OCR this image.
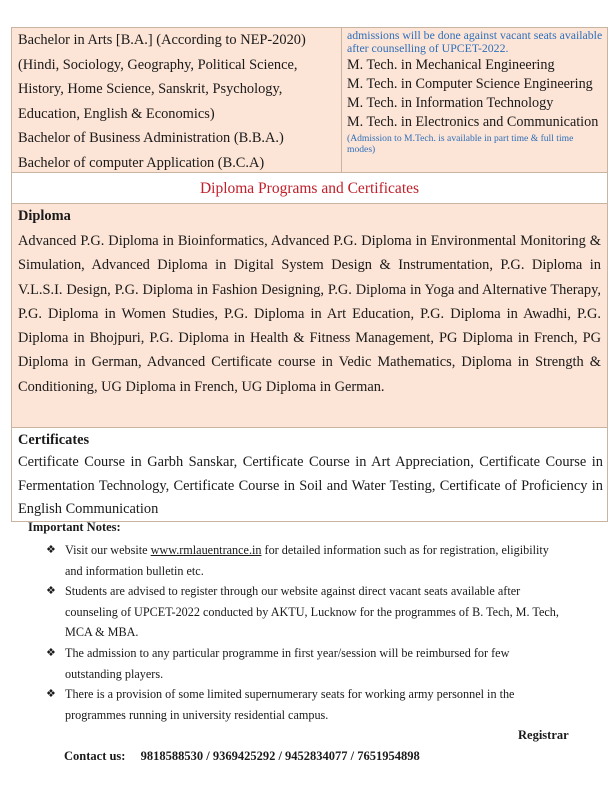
Bachelor in Arts [B.A.] (According to NEP-2020)
(Hindi, Sociology, Geography, Political Science,
History, Home Science, Sanskrit, Psychology,
Education, English & Economics)
Bachelor of Business Administration (B.B.A.)
Bachelor of computer Application (B.C.A)
admissions will be done against vacant seats available after counselling of UPCET-2022.
M. Tech. in Mechanical Engineering
M. Tech. in Computer Science Engineering
M. Tech. in Information Technology
M. Tech. in Electronics and Communication
(Admission to M.Tech. is available in part time & full time modes)
Diploma Programs and Certificates
Diploma
Advanced P.G. Diploma in Bioinformatics, Advanced P.G. Diploma in Environmental Monitoring & Simulation, Advanced Diploma in Digital System Design & Instrumentation, P.G. Diploma in V.L.S.I. Design, P.G. Diploma in Fashion Designing, P.G. Diploma in Yoga and Alternative Therapy, P.G. Diploma in Women Studies, P.G. Diploma in Art Education, P.G. Diploma in Awadhi, P.G. Diploma in Bhojpuri, P.G. Diploma in Health & Fitness Management, PG Diploma in French, PG Diploma in German, Advanced Certificate course in Vedic Mathematics, Diploma in Strength & Conditioning, UG Diploma in French, UG Diploma in German.
Certificates
Certificate Course in Garbh Sanskar, Certificate Course in Art Appreciation, Certificate Course in Fermentation Technology, Certificate Course in Soil and Water Testing, Certificate of Proficiency in English Communication
Important Notes:
❖ Visit our website www.rmlauentrance.in for detailed information such as for registration, eligibility and information bulletin etc.
❖ Students are advised to register through our website against direct vacant seats available after counseling of UPCET-2022 conducted by AKTU, Lucknow for the programmes of B. Tech, M. Tech, MCA & MBA.
❖ The admission to any particular programme in first year/session will be reimbursed for few outstanding players.
❖ There is a provision of some limited supernumerary seats for working army personnel in the programmes running in university residential campus.
Registrar
Contact us: 9818588530 / 9369425292 / 9452834077 / 7651954898
